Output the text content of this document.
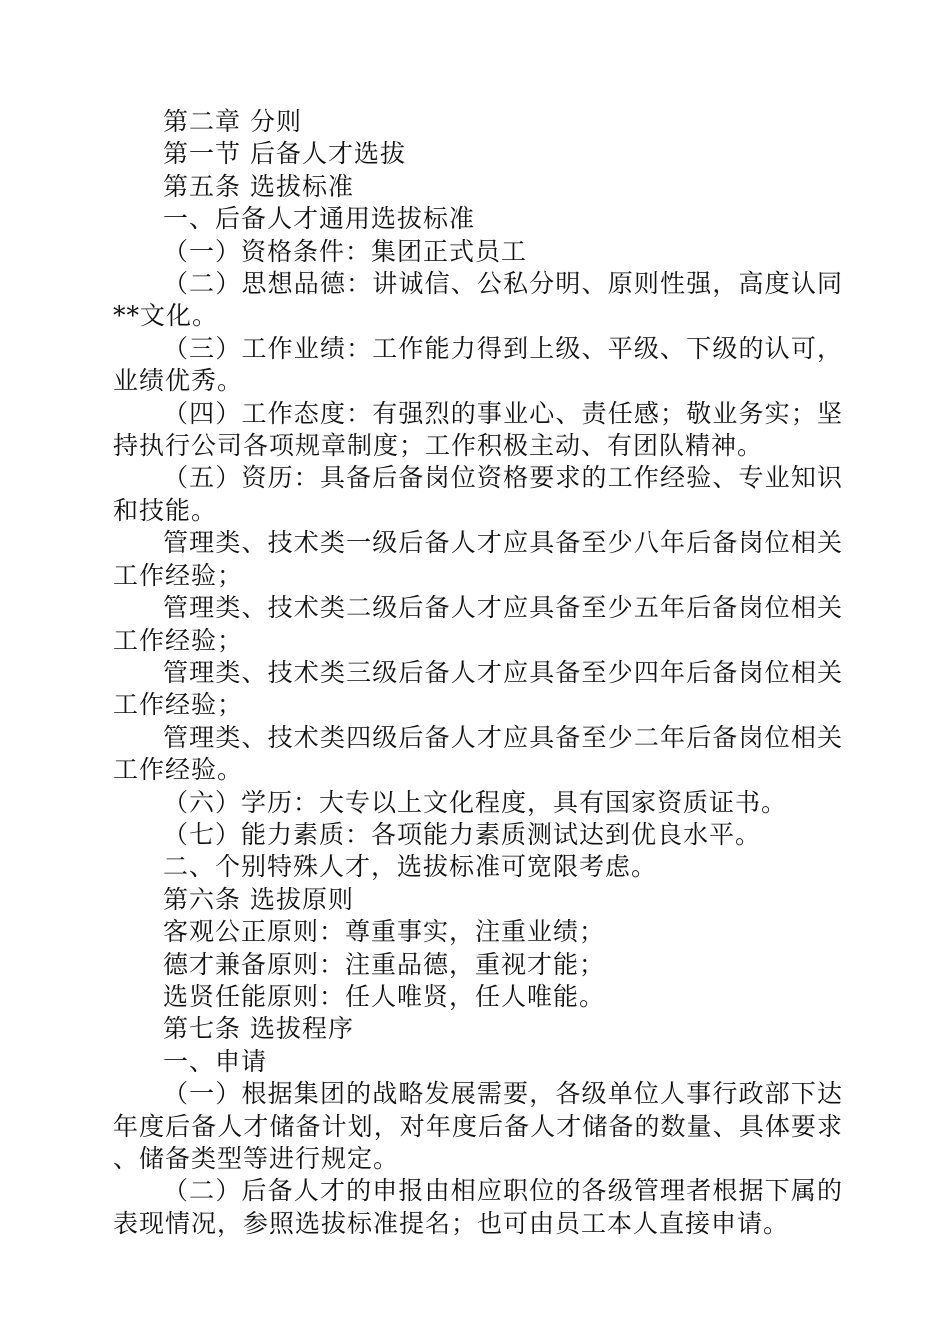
第二章 分则

第一节 后备人才选拔

第五条 选拔标准

一、后备人才通用选拔标准

（一）资格条件：集团正式员工

（二）思想品德：讲诚信、公私分明、原则性强，高度认同**文化。

（三）工作业绩：工作能力得到上级、平级、下级的认可，业绩优秀。

（四）工作态度：有强烈的事业心、责任感；敬业务实；坚持执行公司各项规章制度；工作积极主动、有团队精神。

（五）资历：具备后备岗位资格要求的工作经验、专业知识和技能。

管理类、技术类一级后备人才应具备至少八年后备岗位相关工作经验；

管理类、技术类二级后备人才应具备至少五年后备岗位相关工作经验；

管理类、技术类三级后备人才应具备至少四年后备岗位相关工作经验；

管理类、技术类四级后备人才应具备至少二年后备岗位相关工作经验。

（六）学历：大专以上文化程度，具有国家资质证书。

（七）能力素质：各项能力素质测试达到优良水平。

二、个别特殊人才，选拔标准可宽限考虑。

第六条 选拔原则

客观公正原则：尊重事实，注重业绩；

德才兼备原则：注重品德，重视才能；

选贤任能原则：任人唯贤，任人唯能。

第七条 选拔程序

一、申请

（一）根据集团的战略发展需要，各级单位人事行政部下达年度后备人才储备计划，对年度后备人才储备的数量、具体要求、储备类型等进行规定。

（二）后备人才的申报由相应职位的各级管理者根据下属的表现情况，参照选拔标准提名；也可由员工本人直接申请。
